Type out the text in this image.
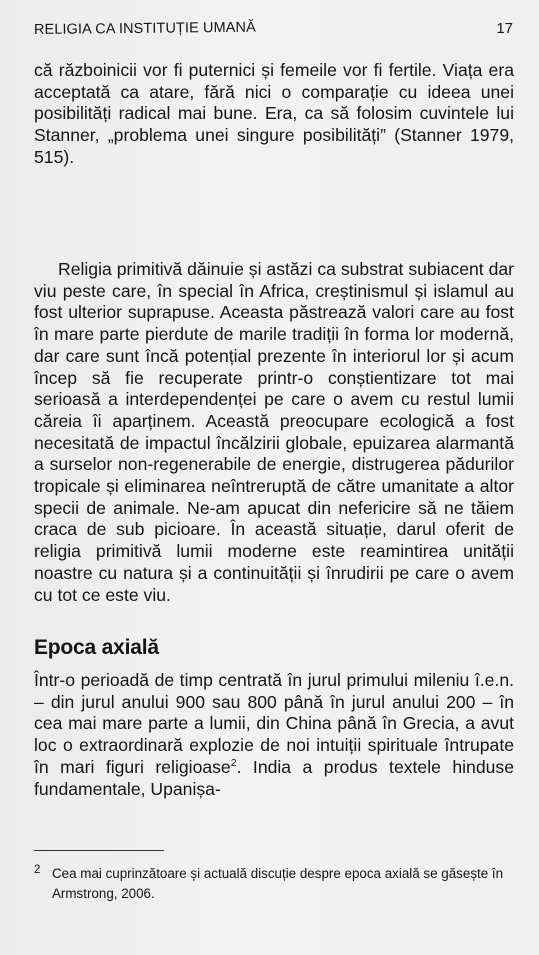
RELIGIA CA INSTITUȚIE UMANĂ	17

că războinicii vor fi puternici și femeile vor fi fertile. Viața era acceptată ca atare, fără nici o comparație cu ideea unei posibilități radical mai bune. Era, ca să folosim cuvintele lui Stanner, „problema unei singure posibilități” (Stanner 1979, 515).

Religia primitivă dăinuie și astăzi ca substrat subiacent dar viu peste care, în special în Africa, creștinismul și islamul au fost ulterior suprapuse. Aceasta păstrează valori care au fost în mare parte pierdute de marile tradiții în forma lor modernă, dar care sunt încă potențial prezente în interiorul lor și acum încep să fie recuperate printr-o conștientizare tot mai serioasă a interdependenței pe care o avem cu restul lumii căreia îi aparținem. Această preocupare ecologică a fost necesitată de impactul încălzirii globale, epuizarea alarmantă a surselor non-regenerabile de energie, distrugerea pădurilor tropicale și eliminarea neîntreruptă de către umanitate a altor specii de animale. Ne-am apucat din nefericire să ne tăiem craca de sub picioare. În această situație, darul oferit de religia primitivă lumii moderne este reamintirea unității noastre cu natura și a continuității și înrudirii pe care o avem cu tot ce este viu.

Epoca axială

Într-o perioadă de timp centrată în jurul primului mileniu î.e.n. – din jurul anului 900 sau 800 până în jurul anului 200 – în cea mai mare parte a lumii, din China până în Grecia, a avut loc o extraordinară explozie de noi intuiții spirituale întrupate în mari figuri religioase$^2$. India a produs textele hinduse fundamentale, Upanișa-

2 Cea mai cuprinzătoare și actuală discuție despre epoca axială se găsește în Armstrong, 2006.
